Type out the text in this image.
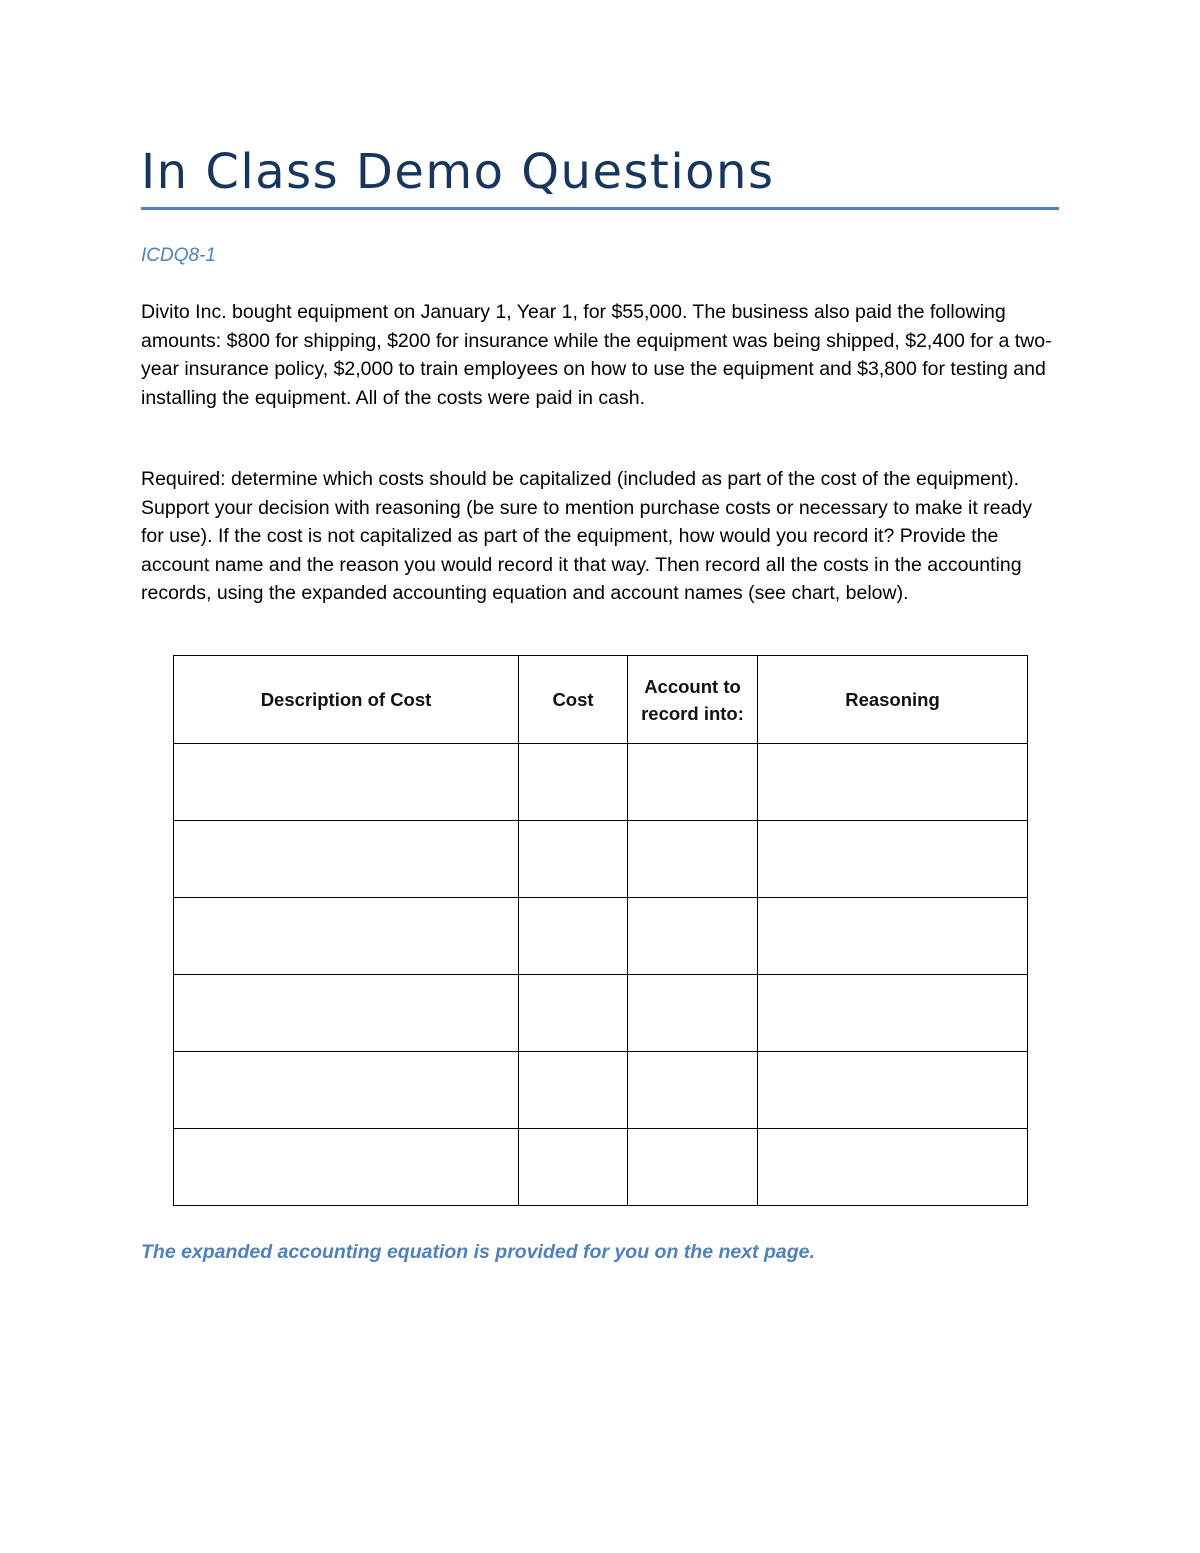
In Class Demo Questions
ICDQ8-1

Divito Inc. bought equipment on January 1, Year 1, for $55,000. The business also paid the following amounts: $800 for shipping, $200 for insurance while the equipment was being shipped, $2,400 for a two-year insurance policy, $2,000 to train employees on how to use the equipment and $3,800 for testing and installing the equipment. All of the costs were paid in cash.

Required: determine which costs should be capitalized (included as part of the cost of the equipment). Support your decision with reasoning (be sure to mention purchase costs or necessary to make it ready for use). If the cost is not capitalized as part of the equipment, how would you record it? Provide the account name and the reason you would record it that way. Then record all the costs in the accounting records, using the expanded accounting equation and account names (see chart, below).

Description of Cost	Cost	Account to record into:	Reasoning

The expanded accounting equation is provided for you on the next page.
